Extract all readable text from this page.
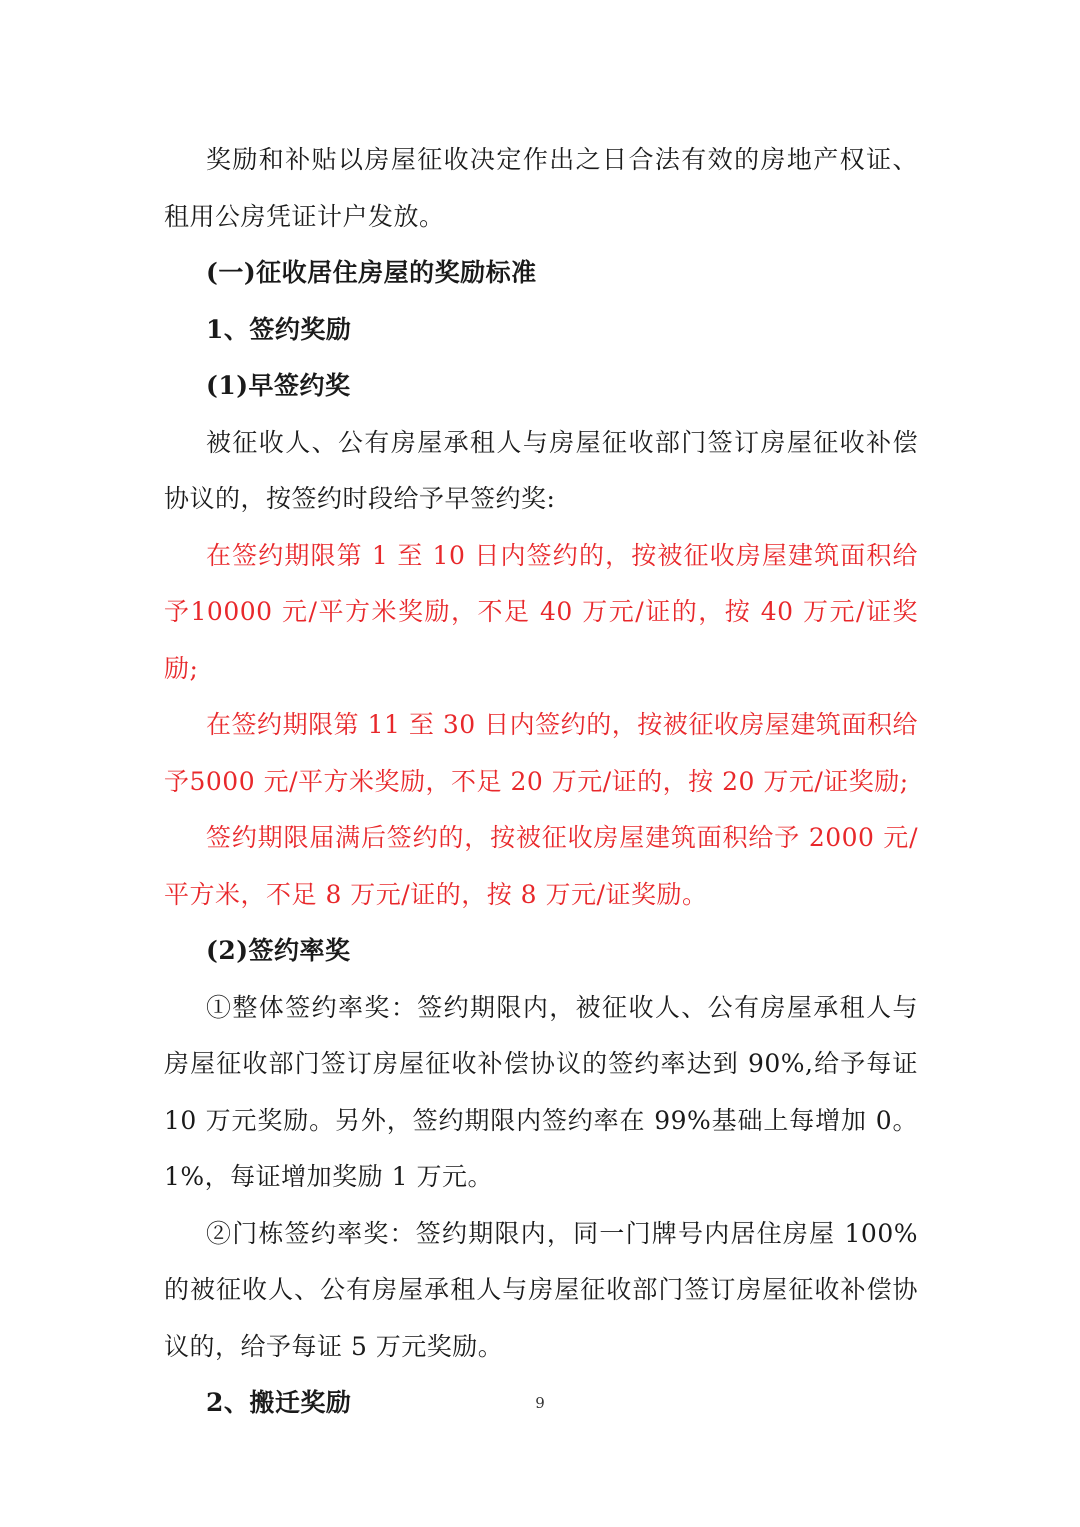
奖励和补贴以房屋征收决定作出之日合法有效的房地产权证、租用公房凭证计户发放。

(一)征收居住房屋的奖励标准

1、签约奖励

(1)早签约奖

被征收人、公有房屋承租人与房屋征收部门签订房屋征收补偿协议的，按签约时段给予早签约奖:

在签约期限第 1 至 10 日内签约的，按被征收房屋建筑面积给予10000 元/平方米奖励，不足 40 万元/证的，按 40 万元/证奖励;

在签约期限第 11 至 30 日内签约的，按被征收房屋建筑面积给予5000 元/平方米奖励，不足 20 万元/证的，按 20 万元/证奖励;

签约期限届满后签约的，按被征收房屋建筑面积给予 2000 元/平方米，不足 8 万元/证的，按 8 万元/证奖励。

(2)签约率奖

①整体签约率奖：签约期限内，被征收人、公有房屋承租人与房屋征收部门签订房屋征收补偿协议的签约率达到 90%,给予每证 10 万元奖励。另外，签约期限内签约率在 99%基础上每增加 0。1%，每证增加奖励 1 万元。

②门栋签约率奖：签约期限内，同一门牌号内居住房屋 100%的被征收人、公有房屋承租人与房屋征收部门签订房屋征收补偿协议的，给予每证 5 万元奖励。

2、搬迁奖励	9
